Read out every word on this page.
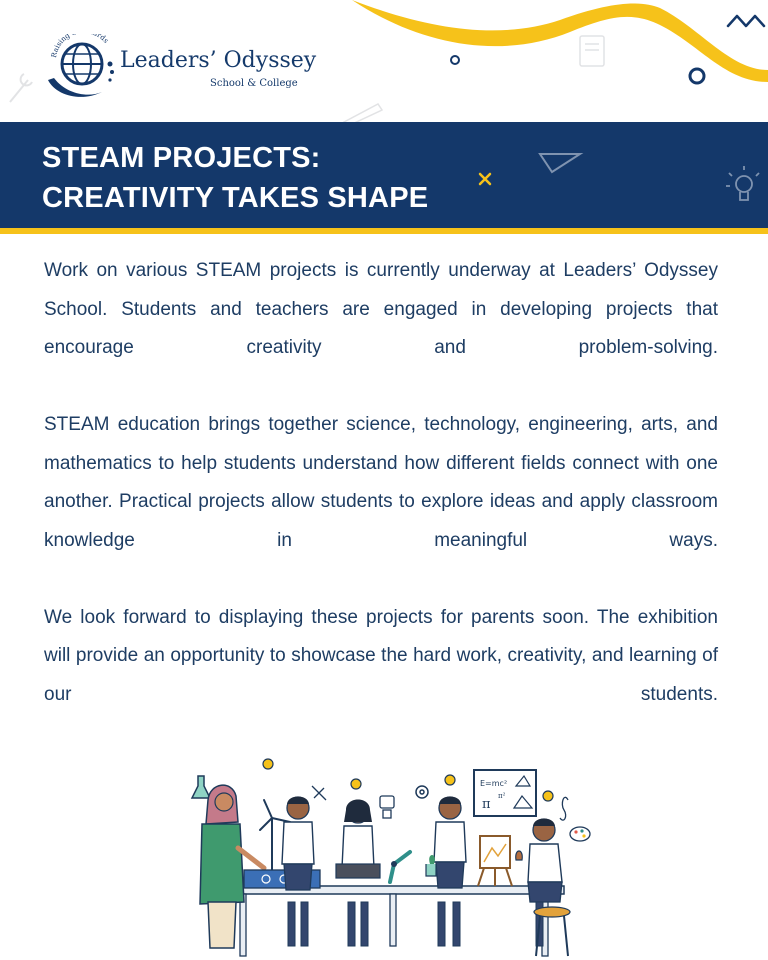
Raising rds
Leaders’ Odyssey
School & College
STEAM PROJECTS:
CREATIVITY TAKES SHAPE

Work on various STEAM projects is currently underway at Leaders’ Odyssey School. Students and teachers are engaged in developing projects that encourage creativity and problem-solving.

STEAM education brings together science, technology, engineering, arts, and mathematics to help students understand how different fields connect with one another. Practical projects allow students to explore ideas and apply classroom knowledge in meaningful ways.

We look forward to displaying these projects for parents soon. The exhibition will provide an opportunity to showcase the hard work, creativity, and learning of our students.

E=mc²
π
π²
